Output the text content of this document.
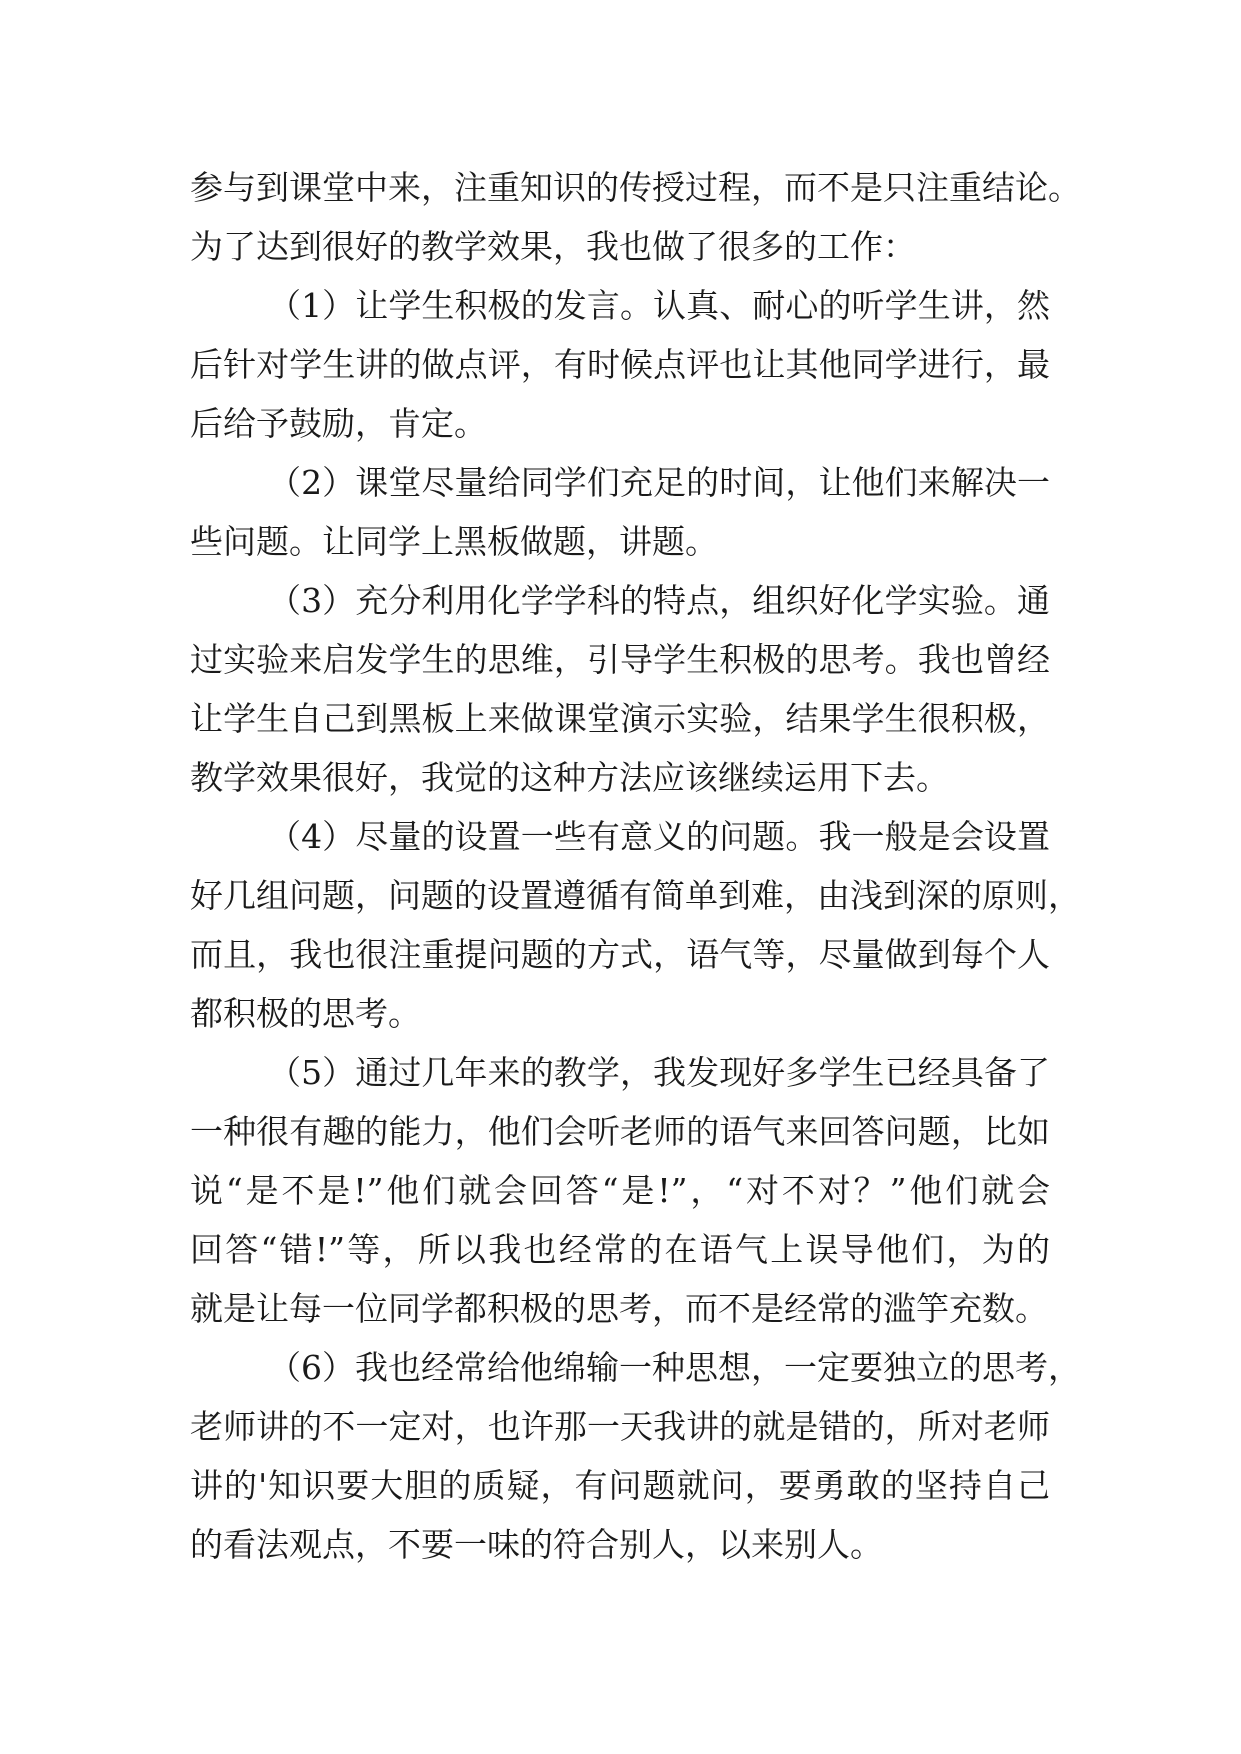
参与到课堂中来，注重知识的传授过程，而不是只注重结论。
为了达到很好的教学效果，我也做了很多的工作：
（1）让学生积极的发言。认真、耐心的听学生讲，然
后针对学生讲的做点评，有时候点评也让其他同学进行，最
后给予鼓励，肯定。
（2）课堂尽量给同学们充足的时间，让他们来解决一
些问题。让同学上黑板做题，讲题。
（3）充分利用化学学科的特点，组织好化学实验。通
过实验来启发学生的思维，引导学生积极的思考。我也曾经
让学生自己到黑板上来做课堂演示实验，结果学生很积极，
教学效果很好，我觉的这种方法应该继续运用下去。
（4）尽量的设置一些有意义的问题。我一般是会设置
好几组问题，问题的设置遵循有简单到难，由浅到深的原则，
而且，我也很注重提问题的方式，语气等，尽量做到每个人
都积极的思考。
（5）通过几年来的教学，我发现好多学生已经具备了
一种很有趣的能力，他们会听老师的语气来回答问题，比如
说“是不是!”他们就会回答“是!”，“对不对？”他们就会
回答“错!”等，所以我也经常的在语气上误导他们，为的
就是让每一位同学都积极的思考，而不是经常的滥竽充数。
（6）我也经常给他绵输一种思想，一定要独立的思考，
老师讲的不一定对，也许那一天我讲的就是错的，所对老师
讲的'知识要大胆的质疑，有问题就问，要勇敢的坚持自己
的看法观点，不要一味的符合别人，以来别人。
